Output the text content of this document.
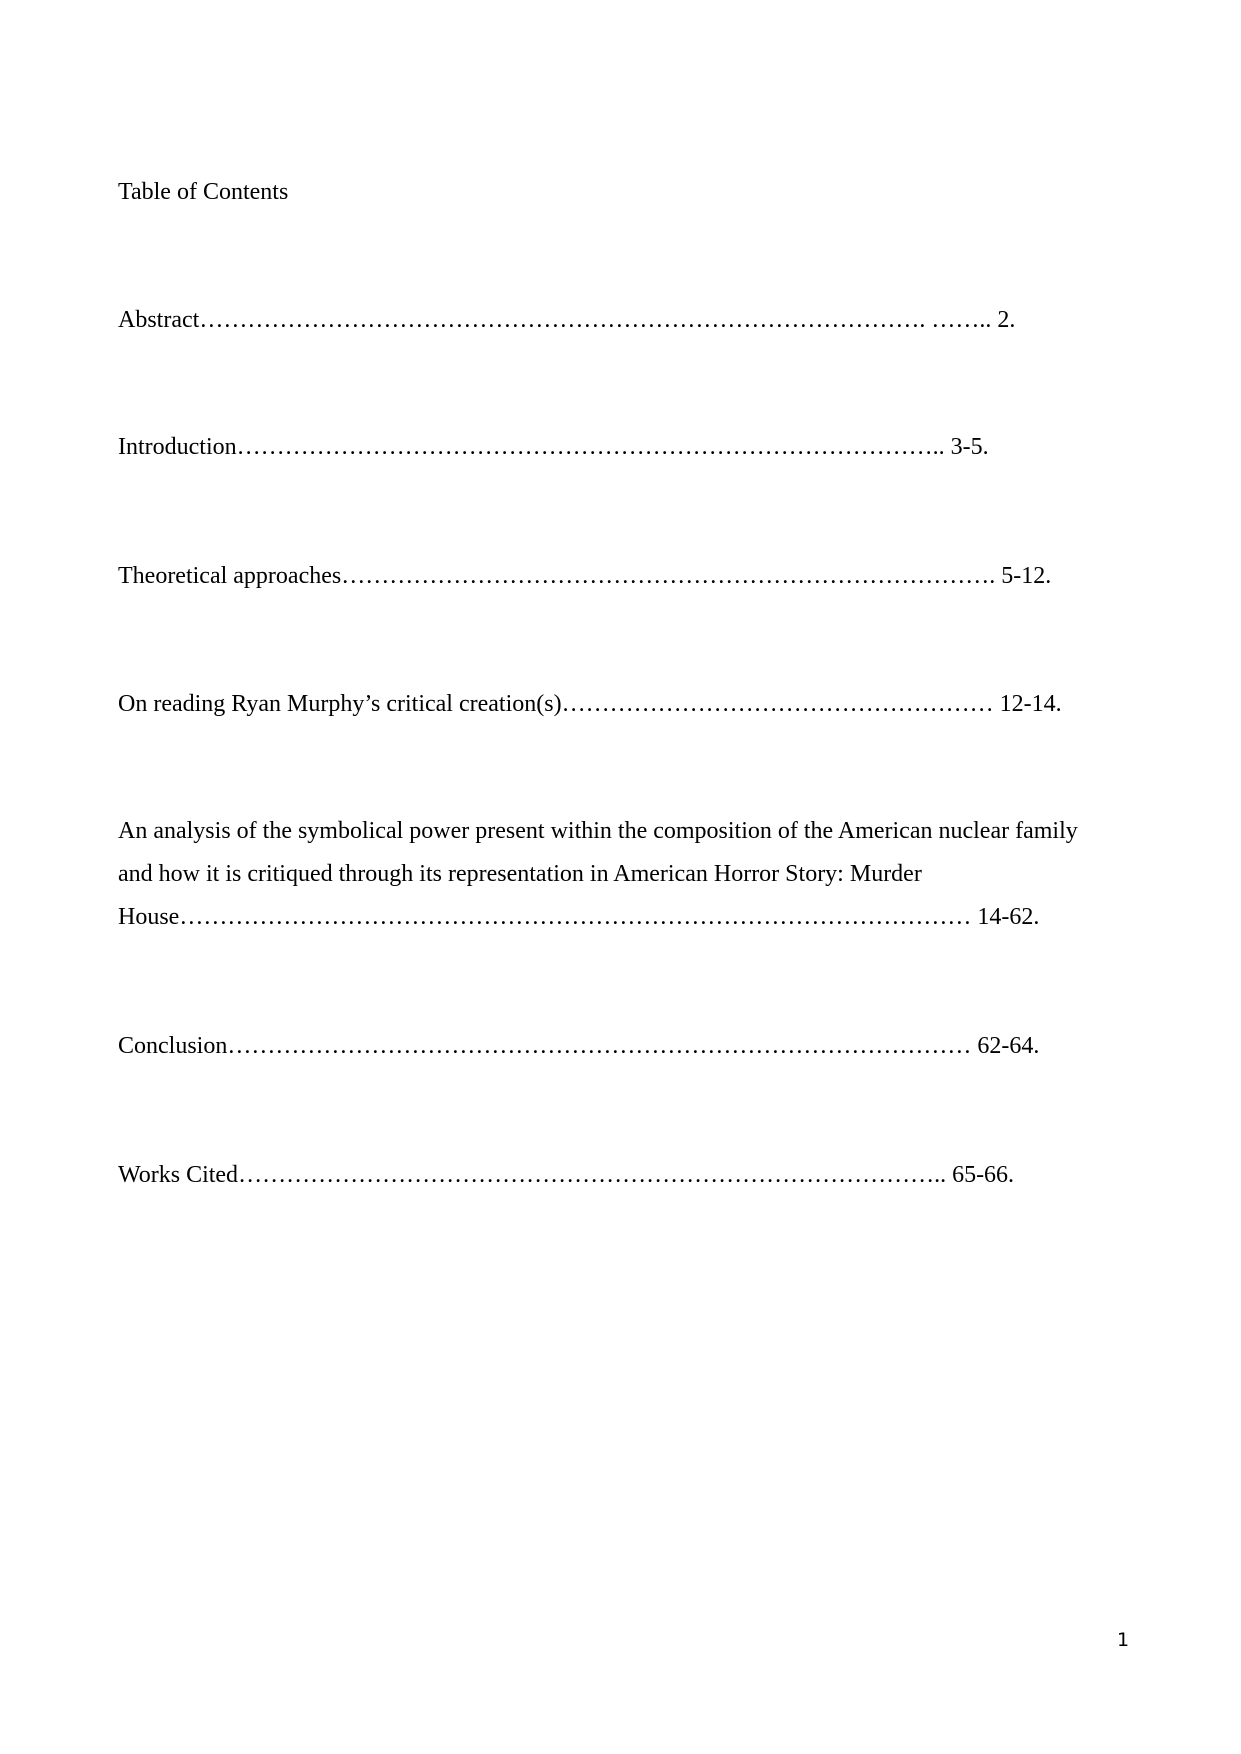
Table of Contents
Abstract………………………………………………………………………………. …….. 2.
Introduction…………………………………………………………………………….. 3-5.
Theoretical approaches………………………………………………………………………. 5-12.
On reading Ryan Murphy’s critical creation(s)……………………………………………… 12-14.
An analysis of the symbolical power present within the composition of the American nuclear family
and how it is critiqued through its representation in American Horror Story: Murder
House……………………………………………………………………………………… 14-62.
Conclusion………………………………………………………………………………… 62-64.
Works Cited…………………………………………………………………………….. 65-66.
1
